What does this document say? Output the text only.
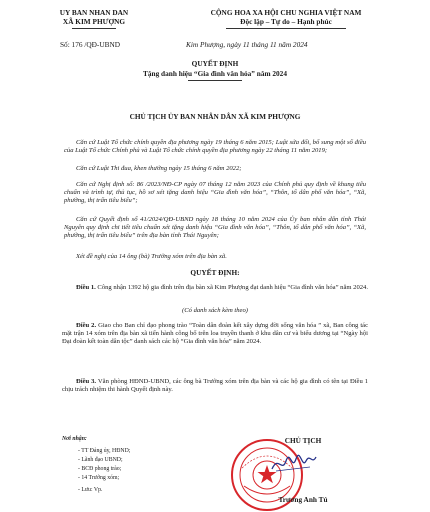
UY BAN NHAN DAN
XÃ KIM PHƯỢNG
CỘNG HOA XA HỘI CHU NGHIA VIỆT NAM
Độc lập – Tự do – Hạnh phúc
Số: 176 /QĐ-UBND	Kim Phượng, ngày 11 tháng 11 năm 2024
QUYẾT ĐỊNH
Tặng danh hiệu “Gia đình văn hóa” năm 2024
CHỦ TỊCH ỦY BAN NHÂN DÂN XÃ KIM PHƯỢNG
Căn cứ Luật Tổ chức chính quyền địa phương ngày 19 tháng 6 năm 2015; Luật sửa đổi, bổ sung một số điều của Luật Tổ chức Chính phủ và Luật Tổ chức chính quyền địa phương ngày 22 tháng 11 năm 2019;
Căn cứ Luật Thi đua, khen thưởng ngày 15 tháng 6 năm 2022;
Căn cứ Nghị định số: 86 /2023/NĐ-CP ngày 07 tháng 12 năm 2023 của Chính phủ quy định về khung tiêu chuẩn và trình tự, thủ tục, hồ sơ xét tặng danh hiệu “Gia đình văn hóa”, “Thôn, tổ dân phố văn hóa”, “Xã, phường, thị trấn tiêu biểu”;
Căn cứ Quyết định số 41/2024/QĐ-UBND ngày 18 tháng 10 năm 2024 của Ủy ban nhân dân tỉnh Thái Nguyên quy định chi tiết tiêu chuẩn xét tặng danh hiệu “Gia đình văn hóa”, “Thôn, tổ dân phố văn hóa”, “Xã, phường, thị trấn tiêu biểu” trên địa bàn tỉnh Thái Nguyên;
Xét đề nghị của 14 ông (bà) Trưởng xóm trên địa bàn xã.
QUYẾT ĐỊNH:
Điều 1. Công nhận 1392 hộ gia đình trên địa bàn xã Kim Phượng đạt danh hiệu “Gia đình văn hóa” năm 2024.
(Có danh sách kèm theo)
Điều 2. Giao cho Ban chỉ đạo phong trào “Toàn dân đoàn kết xây dựng đời sống văn hóa ” xã, Ban công tác mặt trận 14 xóm trên địa bàn xã tiến hành công bố trên loa truyền thanh ở khu dân cư và biểu dương tại “Ngày hội Đại đoàn kết toàn dân tộc” danh sách các hộ “Gia đình văn hóa” năm 2024.
Điều 3. Văn phòng HĐND-UBND, các ông bà Trưởng xóm trên địa bàn và các hộ gia đình có tên tại Điều 1 chịu trách nhiệm thi hành Quyết định này.
Nơi nhận:
- TT Đảng ủy, HĐND;
- Lãnh đạo UBND;
- BCĐ phong trào;
- 14 Trưởng xóm;
- Lưu: Vp.
CHỦ TỊCH
Trương Anh Tú
